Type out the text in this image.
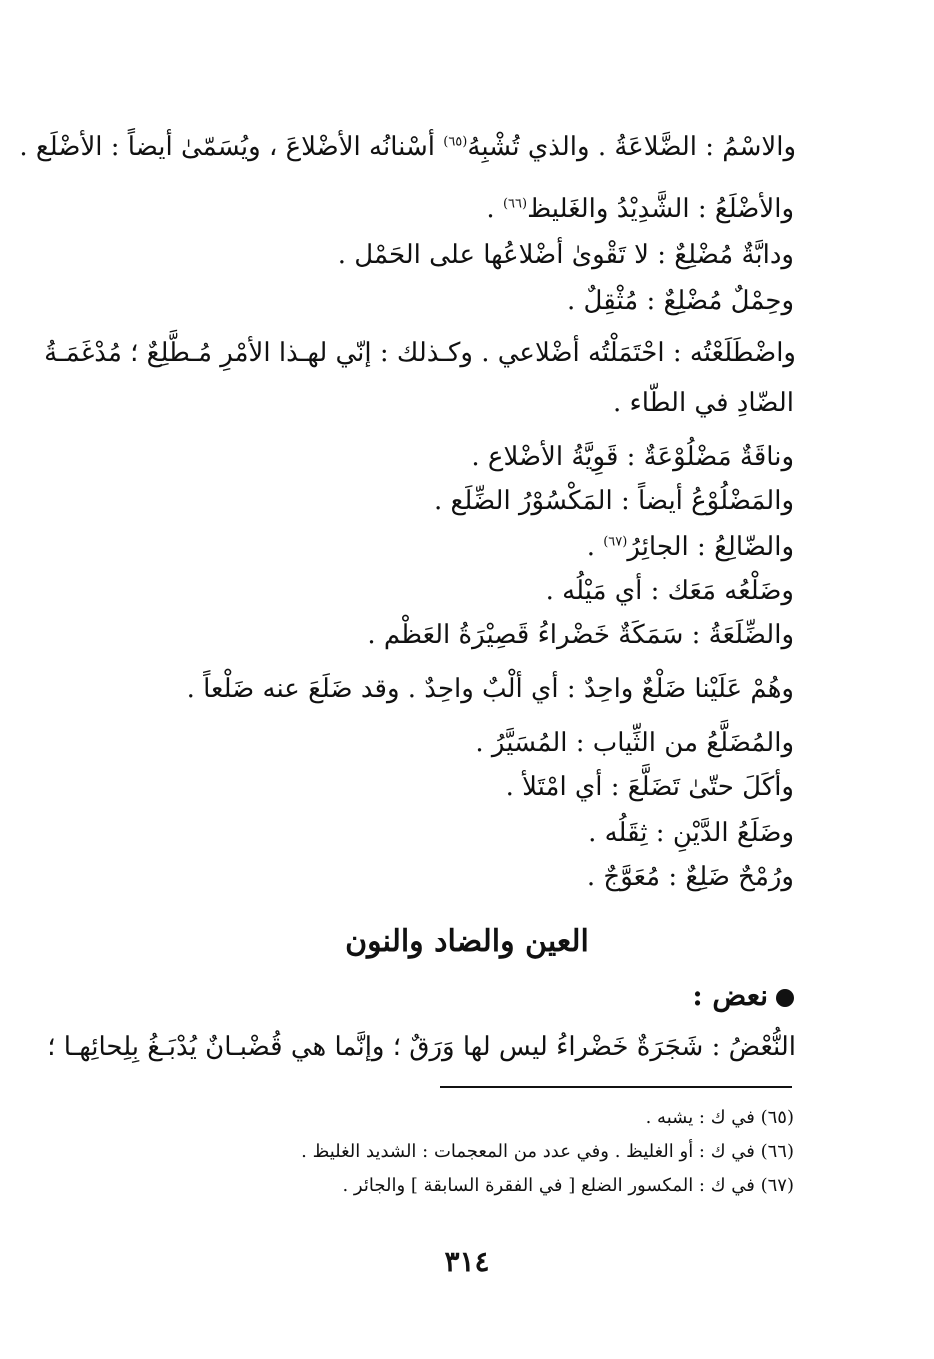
والاسْمُ : الضَّلاعَةُ . والذي تُشْبِهُ$^{(٦٥)}$ أسْنانُه الأضْلاعَ ، ويُسَمّىٰ أيضاً : الأضْلَع .
والأضْلَعُ : الشَّدِيْدُ والغَليظ$^{(٦٦)}$ .
ودابَّةٌ مُضْلِعٌ : لا تَقْوىٰ أضْلاعُها على الحَمْل .
وحِمْلٌ مُضْلِعٌ : مُثْقِلٌ .
واضْطَلَعْتُه : احْتَمَلْتُه أضْلاعي . وكـذلك : إنّي لهـذا الأمْرِ مُـطَّلِعٌ ؛ مُدْغَمَـةُ
الضّادِ في الطّاء .
وناقَةٌ مَضْلُوْعَةٌ : قَوِيَّةُ الأضْلاع .
والمَضْلُوْعُ أيضاً : المَكْسُوْرُ الضِّلَع .
والضّالِعُ : الجائِرُ$^{(٦٧)}$ .
وضَلْعُه مَعَك : أي مَيْلُه .
والضِّلَعَةُ : سَمَكَةٌ خَضْراءُ قَصِيْرَةُ العَظْم .
وهُمْ عَلَيْنا ضَلْعٌ واحِدٌ : أي ألْبٌ واحِدٌ . وقد ضَلَعَ عنه ضَلْعاً .
والمُضَلَّعُ من الثِّياب : المُسَيَّرُ .
وأكَلَ حتّىٰ تَضَلَّعَ : أي امْتَلأ .
وضَلَعُ الدَّيْنِ : ثِقَلُه .
ورُمْحٌ ضَلِعٌ : مُعَوَّجٌ .
العين والضاد والنون
نعض :
النُّعْضُ : شَجَرَةٌ خَضْراءُ ليس لها وَرَقٌ ؛ وإنَّما هي قُضْبـانٌ يُدْبَـغُ بِلِحائِهـا ؛
(٦٥) في ك : يشبه .
(٦٦) في ك : أو الغليظ . وفي عدد من المعجمات : الشديد الغليظ .
(٦٧) في ك : المكسور الضلع [ في الفقرة السابقة ] والجائر .
٣١٤
